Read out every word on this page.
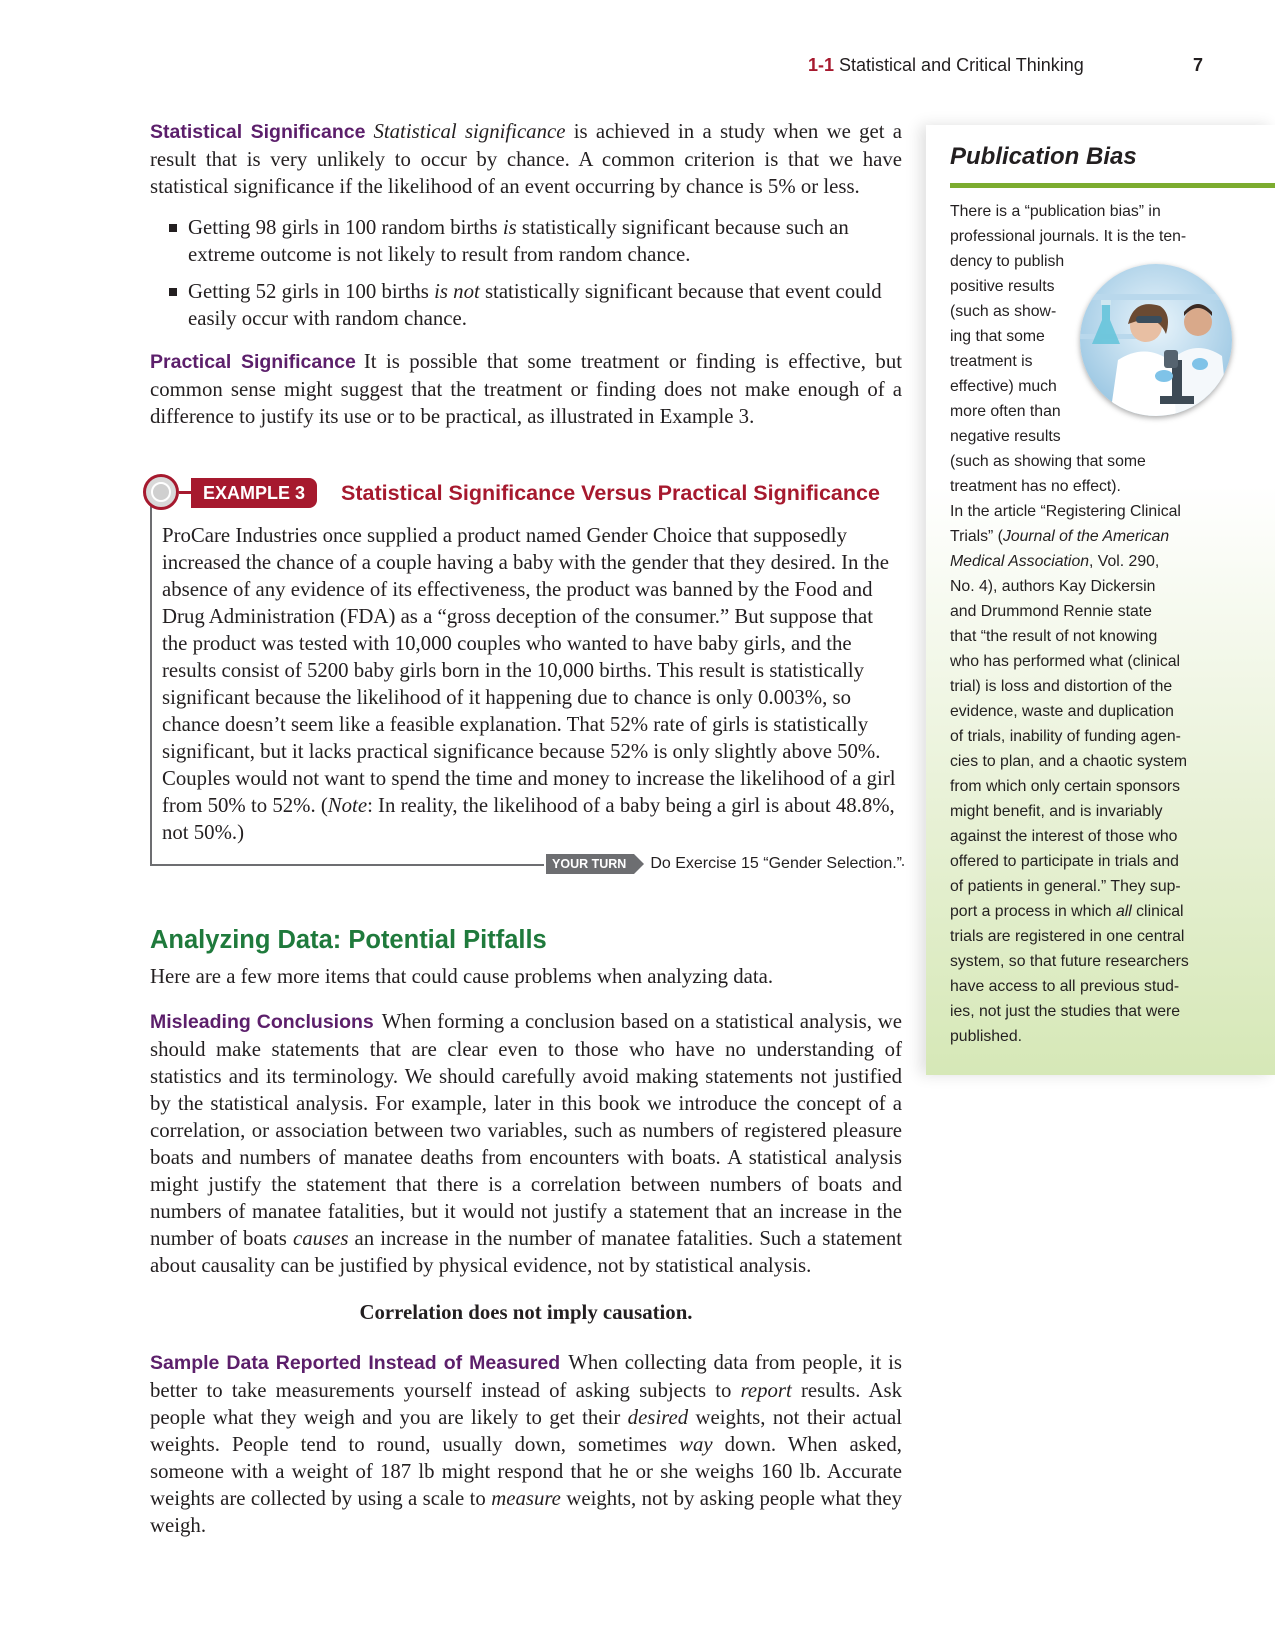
1-1 Statistical and Critical Thinking	7

Statistical Significance Statistical significance is achieved in a study when we get a result that is very unlikely to occur by chance. A common criterion is that we have statistical significance if the likelihood of an event occurring by chance is 5% or less.

Getting 98 girls in 100 random births is statistically significant because such an extreme outcome is not likely to result from random chance.
Getting 52 girls in 100 births is not statistically significant because that event could easily occur with random chance.

Practical Significance It is possible that some treatment or finding is effective, but common sense might suggest that the treatment or finding does not make enough of a difference to justify its use or to be practical, as illustrated in Example 3.

EXAMPLE 3	Statistical Significance Versus Practical Significance

ProCare Industries once supplied a product named Gender Choice that supposedly increased the chance of a couple having a baby with the gender that they desired. In the absence of any evidence of its effectiveness, the product was banned by the Food and Drug Administration (FDA) as a “gross deception of the consumer.” But suppose that the product was tested with 10,000 couples who wanted to have baby girls, and the results consist of 5200 baby girls born in the 10,000 births. This result is statistically significant because the likelihood of it happening due to chance is only 0.003%, so chance doesn’t seem like a feasible explanation. That 52% rate of girls is statistically significant, but it lacks practical significance because 52% is only slightly above 50%. Couples would not want to spend the time and money to increase the likelihood of a girl from 50% to 52%. (Note: In reality, the likelihood of a baby being a girl is about 48.8%, not 50%.)

YOUR TURN	Do Exercise 15 “Gender Selection.”
Analyzing Data: Potential Pitfalls

Here are a few more items that could cause problems when analyzing data.

Misleading Conclusions When forming a conclusion based on a statistical analysis, we should make statements that are clear even to those who have no understanding of statistics and its terminology. We should carefully avoid making statements not justified by the statistical analysis. For example, later in this book we introduce the concept of a correlation, or association between two variables, such as numbers of registered pleasure boats and numbers of manatee deaths from encounters with boats. A statistical analysis might justify the statement that there is a correlation between numbers of boats and numbers of manatee fatalities, but it would not justify a statement that an increase in the number of boats causes an increase in the number of manatee fatalities. Such a statement about causality can be justified by physical evidence, not by statistical analysis.

Correlation does not imply causation.

Sample Data Reported Instead of Measured When collecting data from people, it is better to take measurements yourself instead of asking subjects to report results. Ask people what they weigh and you are likely to get their desired weights, not their actual weights. People tend to round, usually down, sometimes way down. When asked, someone with a weight of 187 lb might respond that he or she weighs 160 lb. Accurate weights are collected by using a scale to measure weights, not by asking people what they weigh.

Publication Bias

There is a “publication bias” in
professional journals. It is the ten-
dency to publish
positive results
(such as show-
ing that some
treatment is
effective) much
more often than
negative results
(such as showing that some
treatment has no effect).
In the article “Registering Clinical
Trials” (Journal of the American
Medical Association, Vol. 290,
No. 4), authors Kay Dickersin
and Drummond Rennie state
that “the result of not knowing
who has performed what (clinical
trial) is loss and distortion of the
evidence, waste and duplication
of trials, inability of funding agen-
cies to plan, and a chaotic system
from which only certain sponsors
might benefit, and is invariably
against the interest of those who
offered to participate in trials and
of patients in general.” They sup-
port a process in which all clinical
trials are registered in one central
system, so that future researchers
have access to all previous stud-
ies, not just the studies that were
published.
